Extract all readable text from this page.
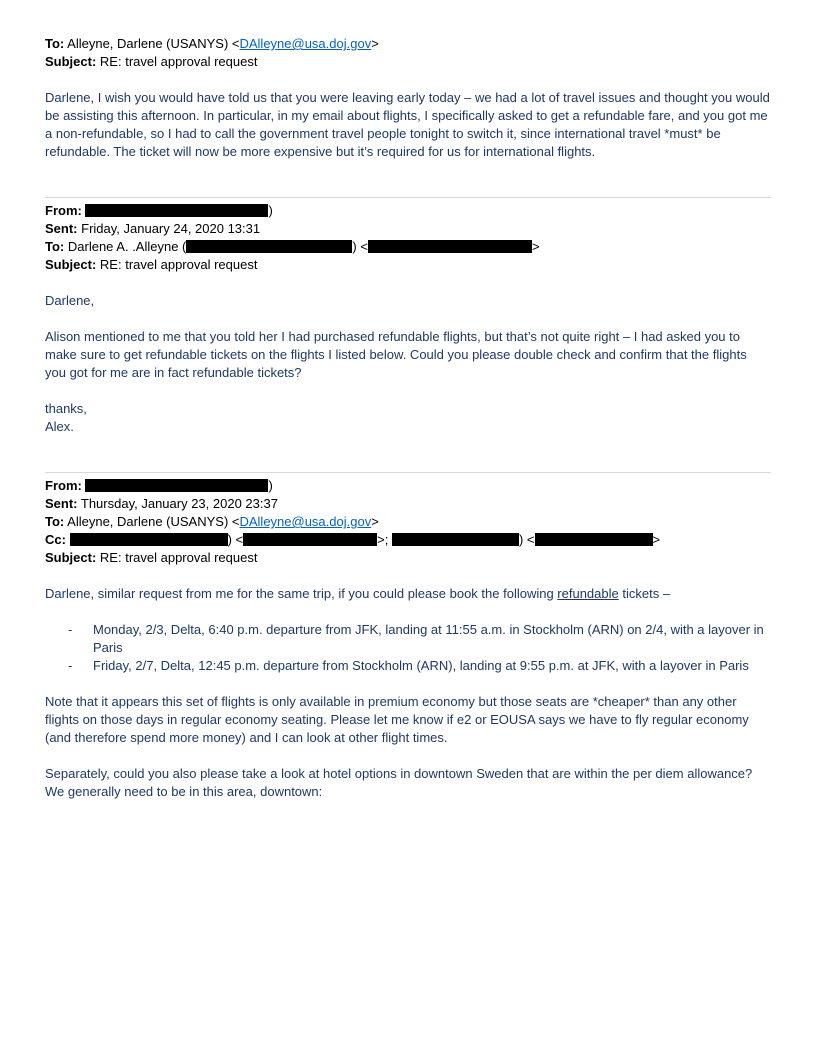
To: Alleyne, Darlene (USANYS) <DAlleyne@usa.doj.gov>

Subject: RE: travel approval request

Darlene, I wish you would have told us that you were leaving early today – we had a lot of travel issues and thought you would be assisting this afternoon. In particular, in my email about flights, I specifically asked to get a refundable fare, and you got me a non-refundable, so I had to call the government travel people tonight to switch it, since international travel *must* be refundable. The ticket will now be more expensive but it’s required for us for international flights.

From:	)

Sent: Friday, January 24, 2020 13:31

To: Darlene A. .Alleyne (	) <	>

Subject: RE: travel approval request

Darlene,

Alison mentioned to me that you told her I had purchased refundable flights, but that’s not quite right – I had asked you to make sure to get refundable tickets on the flights I listed below. Could you please double check and confirm that the flights you got for me are in fact refundable tickets?

thanks,

Alex.

From:	)

Sent: Thursday, January 23, 2020 23:37

To: Alleyne, Darlene (USANYS) <DAlleyne@usa.doj.gov>

Cc:	) <	>;	) <	>

Subject: RE: travel approval request

Darlene, similar request from me for the same trip, if you could please book the following refundable tickets –

- Monday, 2/3, Delta, 6:40 p.m. departure from JFK, landing at 11:55 a.m. in Stockholm (ARN) on 2/4, with a layover in Paris
- Friday, 2/7, Delta, 12:45 p.m. departure from Stockholm (ARN), landing at 9:55 p.m. at JFK, with a layover in Paris

Note that it appears this set of flights is only available in premium economy but those seats are *cheaper* than any other flights on those days in regular economy seating. Please let me know if e2 or EOUSA says we have to fly regular economy (and therefore spend more money) and I can look at other flight times.

Separately, could you also please take a look at hotel options in downtown Sweden that are within the per diem allowance? We generally need to be in this area, downtown:
